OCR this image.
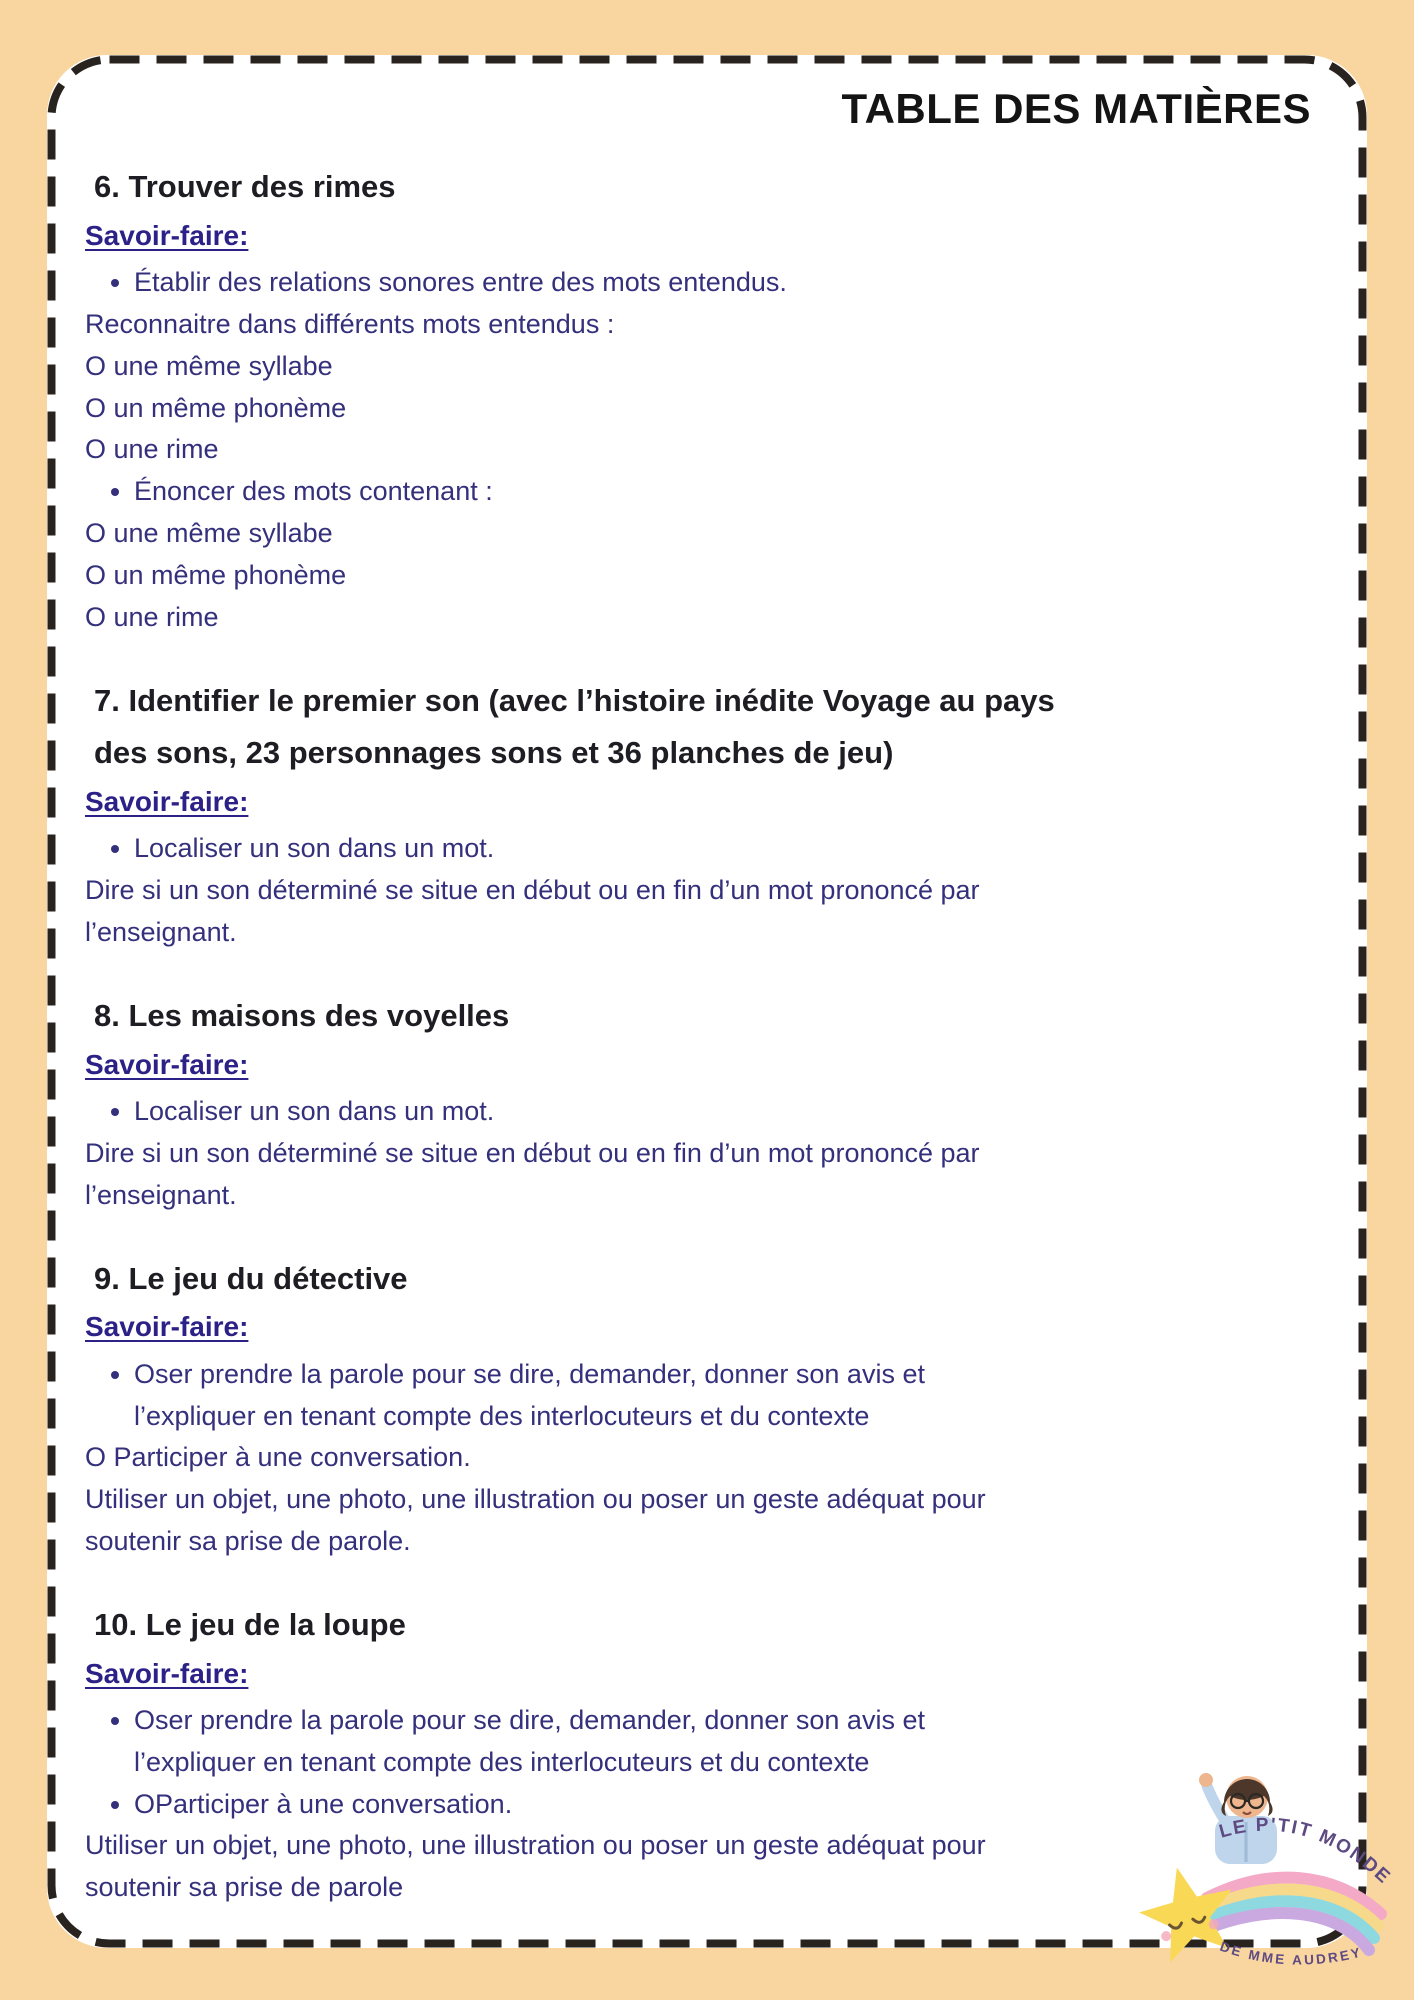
TABLE DES MATIÈRES
6. Trouver des rimes
Savoir-faire:
Établir des relations sonores entre des mots entendus.
Reconnaitre dans différents mots entendus :
O une même syllabe
O un même phonème
O une rime
Énoncer des mots contenant :
O une même syllabe
O un même phonème
O une rime
7. Identifier le premier son (avec l’histoire inédite Voyage au pays
des sons, 23 personnages sons et 36 planches de jeu)
Savoir-faire:
Localiser un son dans un mot.
Dire si un son déterminé se situe en début ou en fin d’un mot prononcé par
l’enseignant.
8. Les maisons des voyelles
Savoir-faire:
Localiser un son dans un mot.
Dire si un son déterminé se situe en début ou en fin d’un mot prononcé par
l’enseignant.
9. Le jeu du détective
Savoir-faire:
Oser prendre la parole pour se dire, demander, donner son avis et
l’expliquer en tenant compte des interlocuteurs et du contexte
O Participer à une conversation.
Utiliser un objet, une photo, une illustration ou poser un geste adéquat pour
soutenir sa prise de parole.
10. Le jeu de la loupe
Savoir-faire:
Oser prendre la parole pour se dire, demander, donner son avis et
l’expliquer en tenant compte des interlocuteurs et du contexte
OParticiper à une conversation.
Utiliser un objet, une photo, une illustration ou poser un geste adéquat pour
soutenir sa prise de parole
LE P'TIT MONDE
DE MME AUDREY
